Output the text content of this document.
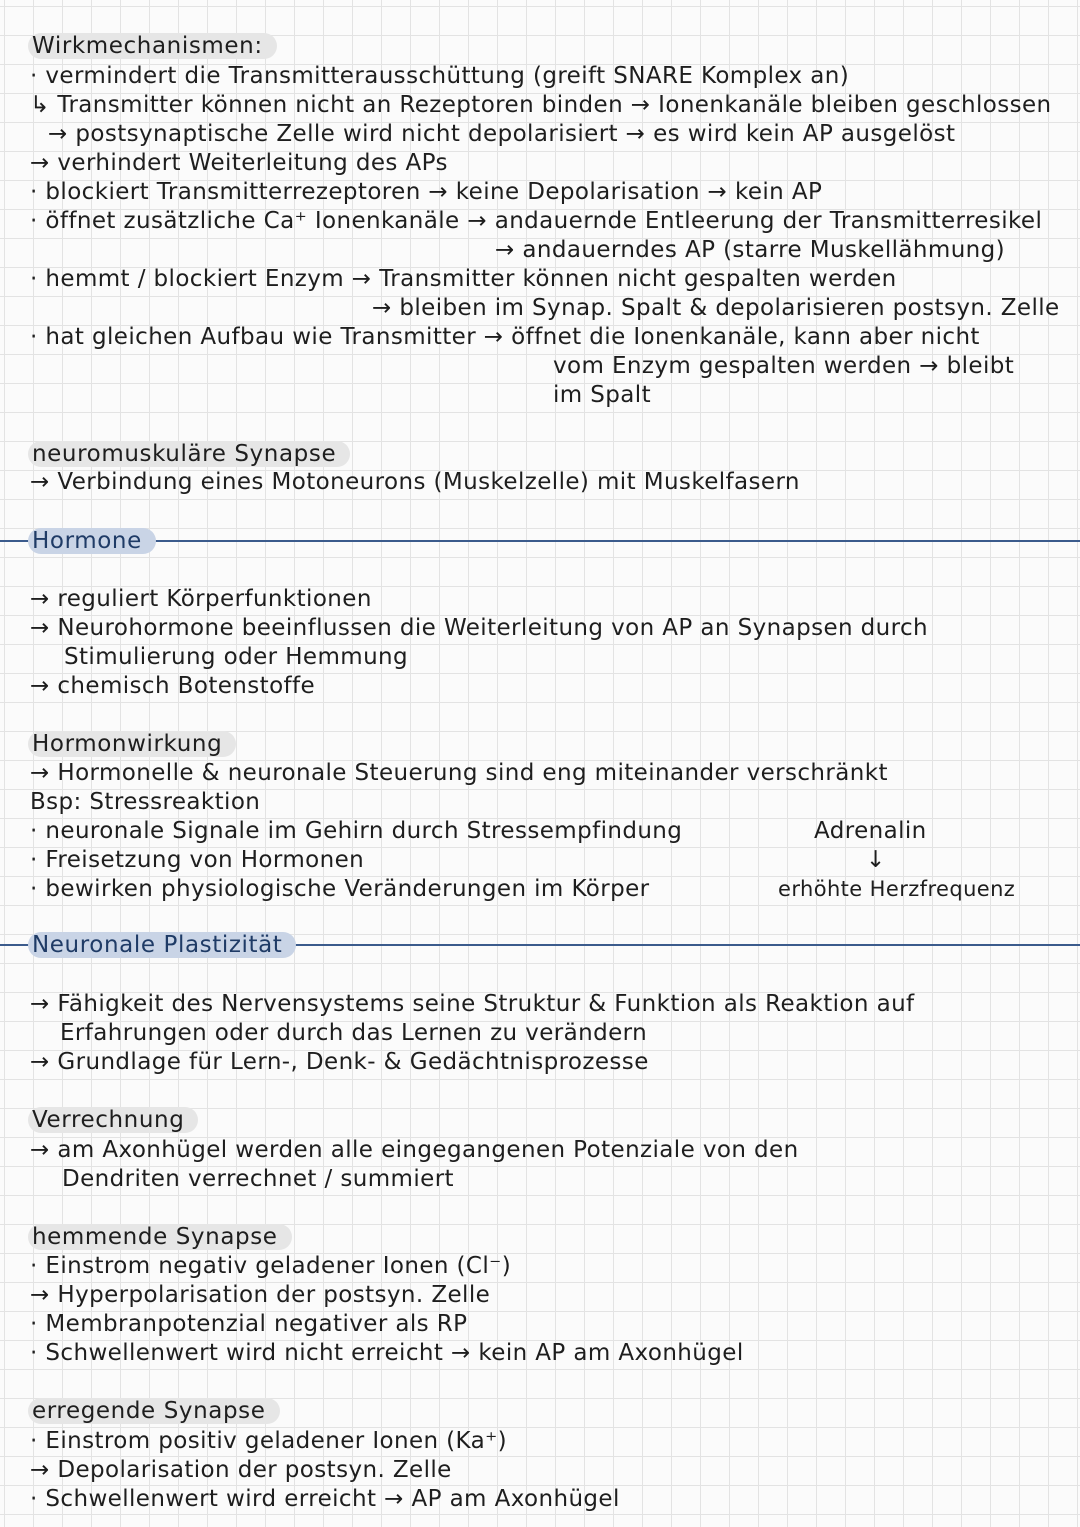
Wirkmechanismen:
· vermindert die Transmitterausschüttung (greift SNARE Komplex an)
↳ Transmitter können nicht an Rezeptoren binden → Ionenkanäle bleiben geschlossen
→ postsynaptische Zelle wird nicht depolarisiert → es wird kein AP ausgelöst
→ verhindert Weiterleitung des APs
· blockiert Transmitterrezeptoren → keine Depolarisation → kein AP
· öffnet zusätzliche Ca⁺ Ionenkanäle → andauernde Entleerung der Transmitterresikel
→ andauerndes AP (starre Muskellähmung)
· hemmt / blockiert Enzym → Transmitter können nicht gespalten werden
→ bleiben im Synap. Spalt & depolarisieren postsyn. Zelle
· hat gleichen Aufbau wie Transmitter → öffnet die Ionenkanäle, kann aber nicht
vom Enzym gespalten werden → bleibt
im Spalt
neuromuskuläre Synapse
→ Verbindung eines Motoneurons (Muskelzelle) mit Muskelfasern
Hormone
→ reguliert Körperfunktionen
→ Neurohormone beeinflussen die Weiterleitung von AP an Synapsen durch
Stimulierung oder Hemmung
→ chemisch Botenstoffe
Hormonwirkung
→ Hormonelle & neuronale Steuerung sind eng miteinander verschränkt
Bsp: Stressreaktion
· neuronale Signale im Gehirn durch Stressempfindung
· Freisetzung von Hormonen
· bewirken physiologische Veränderungen im Körper
Adrenalin
↓
erhöhte Herzfrequenz
Neuronale Plastizität
→ Fähigkeit des Nervensystems seine Struktur & Funktion als Reaktion auf
Erfahrungen oder durch das Lernen zu verändern
→ Grundlage für Lern-, Denk- & Gedächtnisprozesse
Verrechnung
→ am Axonhügel werden alle eingegangenen Potenziale von den
Dendriten verrechnet / summiert
hemmende Synapse
· Einstrom negativ geladener Ionen (Cl⁻)
→ Hyperpolarisation der postsyn. Zelle
· Membranpotenzial negativer als RP
· Schwellenwert wird nicht erreicht → kein AP am Axonhügel
erregende Synapse
· Einstrom positiv geladener Ionen (Ka⁺)
→ Depolarisation der postsyn. Zelle
· Schwellenwert wird erreicht → AP am Axonhügel
